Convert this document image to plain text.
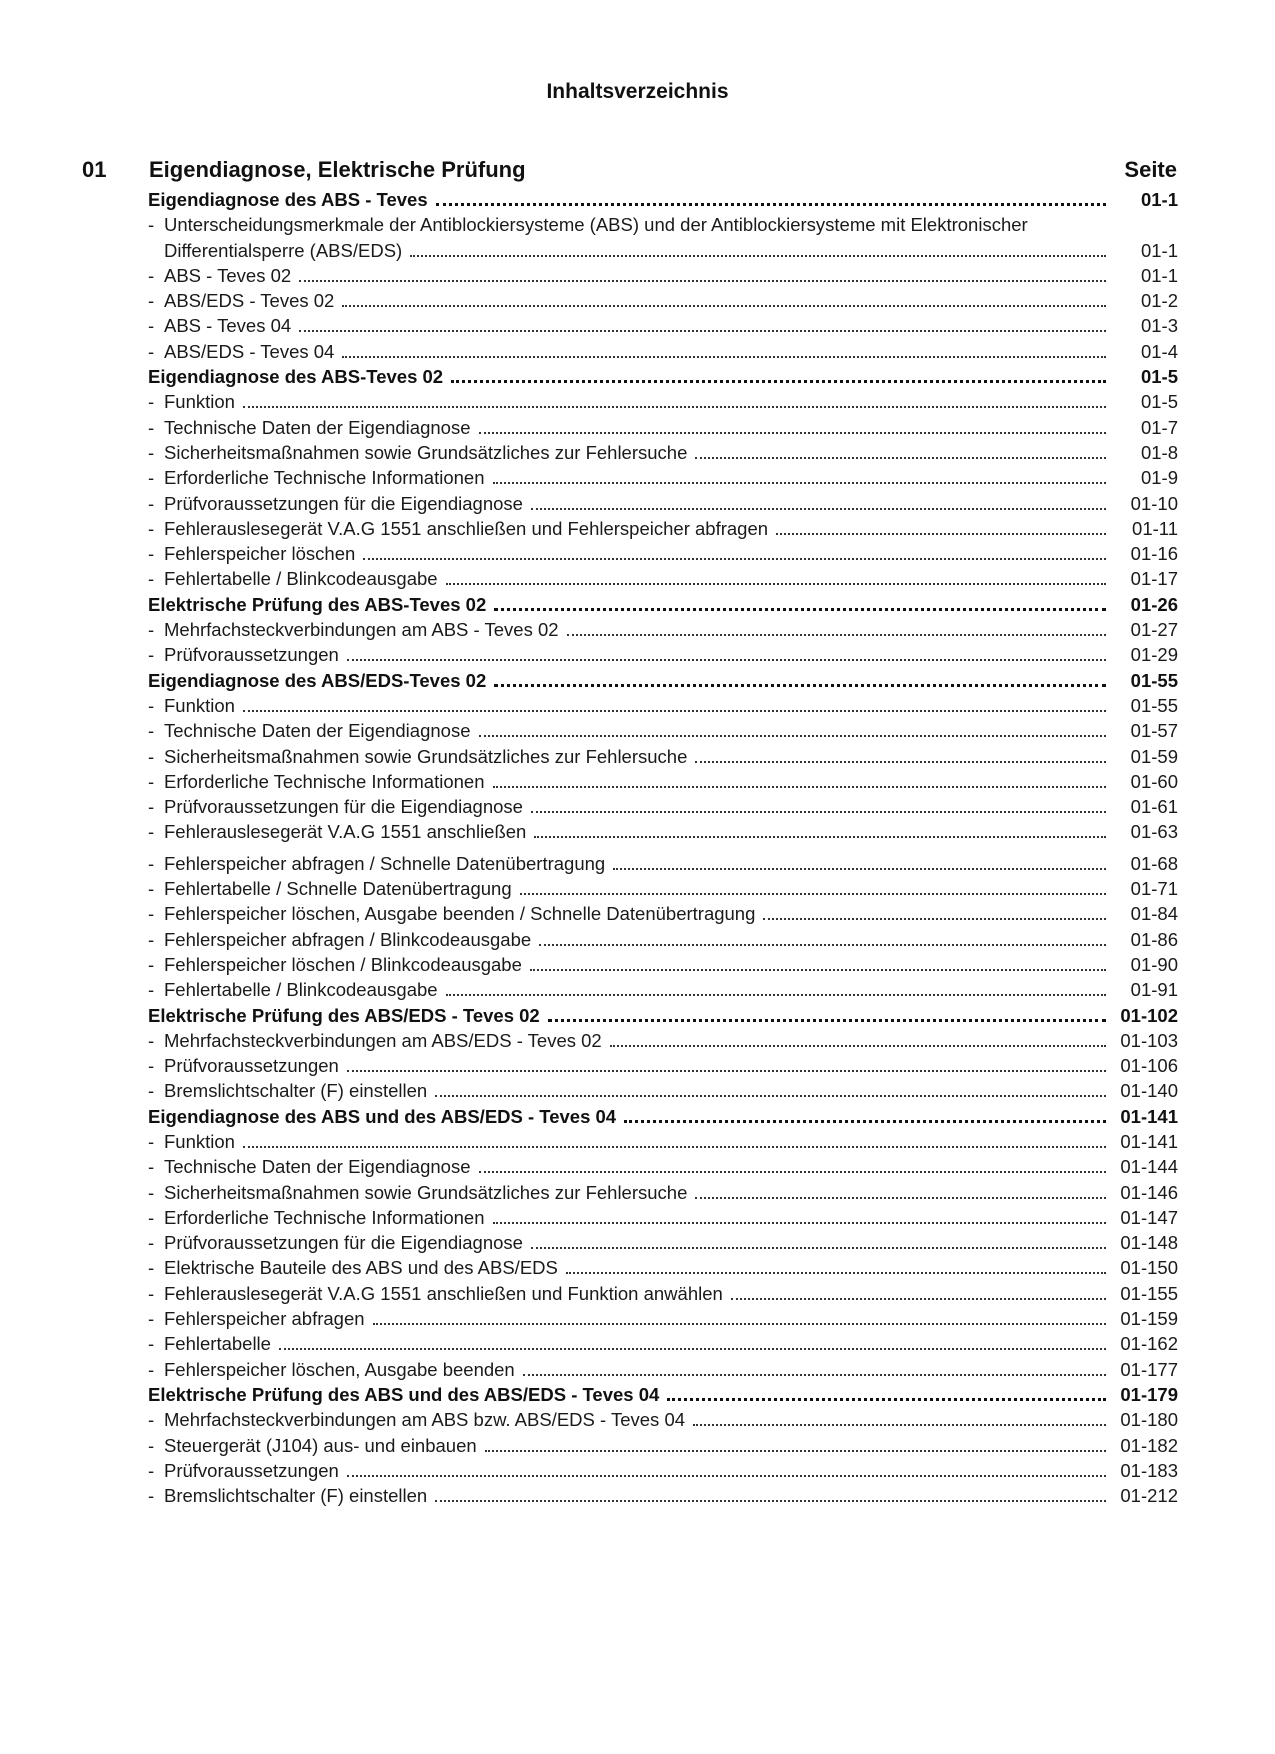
Inhaltsverzeichnis
01 Eigendiagnose, Elektrische Prüfung	Seite
Eigendiagnose des ABS - Teves	01-1
- Unterscheidungsmerkmale der Antiblockiersysteme (ABS) und der Antiblockiersysteme mit Elektronischer
Differentialsperre (ABS/EDS)	01-1
- ABS - Teves 02	01-1
- ABS/EDS - Teves 02	01-2
- ABS - Teves 04	01-3
- ABS/EDS - Teves 04	01-4
Eigendiagnose des ABS-Teves 02	01-5
- Funktion	01-5
- Technische Daten der Eigendiagnose	01-7
- Sicherheitsmaßnahmen sowie Grundsätzliches zur Fehlersuche	01-8
- Erforderliche Technische Informationen	01-9
- Prüfvoraussetzungen für die Eigendiagnose	01-10
- Fehlerauslesegerät V.A.G 1551 anschließen und Fehlerspeicher abfragen	01-11
- Fehlerspeicher löschen	01-16
- Fehlertabelle / Blinkcodeausgabe	01-17
Elektrische Prüfung des ABS-Teves 02	01-26
- Mehrfachsteckverbindungen am ABS - Teves 02	01-27
- Prüfvoraussetzungen	01-29
Eigendiagnose des ABS/EDS-Teves 02	01-55
- Funktion	01-55
- Technische Daten der Eigendiagnose	01-57
- Sicherheitsmaßnahmen sowie Grundsätzliches zur Fehlersuche	01-59
- Erforderliche Technische Informationen	01-60
- Prüfvoraussetzungen für die Eigendiagnose	01-61
- Fehlerauslesegerät V.A.G 1551 anschließen	01-63
- Fehlerspeicher abfragen / Schnelle Datenübertragung	01-68
- Fehlertabelle / Schnelle Datenübertragung	01-71
- Fehlerspeicher löschen, Ausgabe beenden / Schnelle Datenübertragung	01-84
- Fehlerspeicher abfragen / Blinkcodeausgabe	01-86
- Fehlerspeicher löschen / Blinkcodeausgabe	01-90
- Fehlertabelle / Blinkcodeausgabe	01-91
Elektrische Prüfung des ABS/EDS - Teves 02	01-102
- Mehrfachsteckverbindungen am ABS/EDS - Teves 02	01-103
- Prüfvoraussetzungen	01-106
- Bremslichtschalter (F) einstellen	01-140
Eigendiagnose des ABS und des ABS/EDS - Teves 04	01-141
- Funktion	01-141
- Technische Daten der Eigendiagnose	01-144
- Sicherheitsmaßnahmen sowie Grundsätzliches zur Fehlersuche	01-146
- Erforderliche Technische Informationen	01-147
- Prüfvoraussetzungen für die Eigendiagnose	01-148
- Elektrische Bauteile des ABS und des ABS/EDS	01-150
- Fehlerauslesegerät V.A.G 1551 anschließen und Funktion anwählen	01-155
- Fehlerspeicher abfragen	01-159
- Fehlertabelle	01-162
- Fehlerspeicher löschen, Ausgabe beenden	01-177
Elektrische Prüfung des ABS und des ABS/EDS - Teves 04	01-179
- Mehrfachsteckverbindungen am ABS bzw. ABS/EDS - Teves 04	01-180
- Steuergerät (J104) aus- und einbauen	01-182
- Prüfvoraussetzungen	01-183
- Bremslichtschalter (F) einstellen	01-212
